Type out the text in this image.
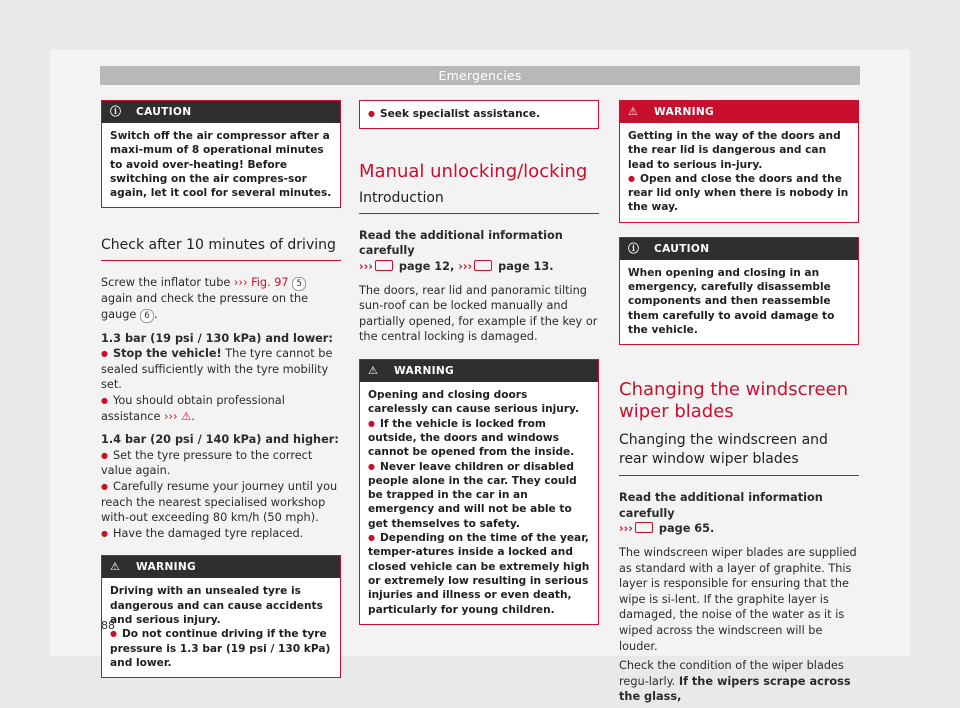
Emergencies
ⓘ	CAUTION
Switch off the air compressor after a maxi-mum of 8 operational minutes to avoid over-heating! Before switching on the air compres-sor again, let it cool for several minutes.
Check after 10 minutes of driving

Screw the inflator tube ››› Fig. 97 5 again and check the pressure on the gauge 6 .

1.3 bar (19 psi / 130 kPa) and lower:

● Stop the vehicle! The tyre cannot be sealed sufficiently with the tyre mobility set.

● You should obtain professional assistance ››› ⚠.

1.4 bar (20 psi / 140 kPa) and higher:

● Set the tyre pressure to the correct value again.

● Carefully resume your journey until you reach the nearest specialised workshop with-out exceeding 80 km/h (50 mph).

● Have the damaged tyre replaced.

⚠	WARNING
Driving with an unsealed tyre is dangerous and can cause accidents and serious injury.
● Do not continue driving if the tyre pressure is 1.3 bar (19 psi / 130 kPa) and lower.
● Seek specialist assistance.
Manual unlocking/locking
Introduction

Read the additional information carefully
››› page 12, ››› page 13.

The doors, rear lid and panoramic tilting sun-roof can be locked manually and partially opened, for example if the key or the central locking is damaged.

⚠	WARNING
Opening and closing doors carelessly can cause serious injury.
● If the vehicle is locked from outside, the doors and windows cannot be opened from the inside.
● Never leave children or disabled people alone in the car. They could be trapped in the car in an emergency and will not be able to get themselves to safety.
● Depending on the time of the year, temper-atures inside a locked and closed vehicle can be extremely high or extremely low resulting in serious injuries and illness or even death, particularly for young children.
⚠	WARNING
Getting in the way of the doors and the rear lid is dangerous and can lead to serious in-jury.
● Open and close the doors and the rear lid only when there is nobody in the way.
ⓘ	CAUTION
When opening and closing in an emergency, carefully disassemble components and then reassemble them carefully to avoid damage to the vehicle.
Changing the windscreen wiper blades
Changing the windscreen and rear window wiper blades

Read the additional information carefully
››› page 65.

The windscreen wiper blades are supplied as standard with a layer of graphite. This layer is responsible for ensuring that the wipe is si-lent. If the graphite layer is damaged, the noise of the water as it is wiped across the windscreen will be louder.

Check the condition of the wiper blades regu-larly. If the wipers scrape across the glass,

88
